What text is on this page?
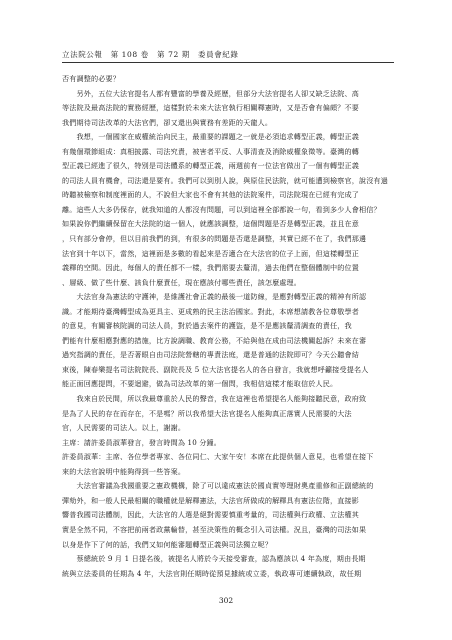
立法院公報　第 108 卷　第 72 期　委員會紀錄
否有調整的必要？
　　另外，五位大法官提名人都有豐富的學養及經歷，但部分大法官提名人卻又缺乏法院、高
等法院及最高法院的實務經歷，這樣對於未來大法官執行相關釋憲時，又是否會有偏頗？不要
我們期待司法改革的大法官們，卻又還出與實務有差距的天龍人。
　　我想，一個國家在威權統治向民主，最重要的課題之一就是必須追求轉型正義，轉型正義
有幾個環節組成：真相披露、司法究責，被害者平反、人事清查及消除威權象徵等。臺灣的轉
型正義已經進了很久，特別是司法體系的轉型正義，兩週前有一位法官做出了一個有轉型正義
的司法人員有機會，司法還是要有。我們可以到別人說，與原住民法院，就可能遭到檢察官，說沒有過
時聽被檢察和制度裡面的人，不說但大家也不會有其他的法院案件，司法院現在已經有完成了
離。這些人大多仍保存，就我知道的人都沒有問題，可以到這裡全部都說一句，看到多少人會相信？
如果說你們繼續保留在大法院的這一個人，就應該調整，這個問題是否是轉型正義，並且在意
，只有部分會停，但以目前我們的到，有很多的問題是否還是調整，其實已經不在了，我們那邊
法官到十年以下，當然，這裡面是多數的看起來是否適合在大法官的位子上面，但這樣轉型正
義釋的空間。因此，每個人的責任都不一樣，我們需要去釐清，過去他們在整個體制中的位置
、層級、做了些什麼、該負什麼責任，現在應該付哪些責任，該怎麼處理。
　　大法官身為憲法的守護神，是維護社會正義的最後一道防線，是應對轉型正義的精神有所認
識。才能期待臺灣轉型成為更具主、更成熟的民主法治國家。對此，本席想請教各位尊敬學者
的意見，有關審核院調的司法人員，對於過去案件的護盜，是不是應該釐清調查的責任，我
們能有什麼相應對應的措施，比方說調職、教育公務，不給與他在成由司法機關起訴？未來在審
過究指調的責任，是否著眼自由司法院營轄的專責法庭，還是普通的法院即可？今天公聽會結
束後，陳春樂提名司法院院長、副院長及 5 位大法官提名人的各自發言，我就想呼籲接受提名人
能正面回應提問，不要迴避，做為司法改革的第一個問，我相信這樣才能取信於人民。
　　我來自於民間，所以我最尊重於人民的聲音，我在這裡也希望提名人能夠接聽民意，政府致
是為了人民的存在而存在，不是嗎？所以我希望大法官提名人能夠真正落實人民需要的大法
官，人民需要的司法人。以上，謝謝。
主席：請許委員淑華發言，發言時間為 10 分鐘。
許委員淑華：主席、各位學者專家、各位同仁、大家午安！本席在此提供個人意見，也希望在接下
來的大法官說明中能夠得到一些答案。
　　大法官審議為我國重要之憲政機構，除了可以違成憲法於國貞實等理財奧產重修和正副總統的
彈劾外，和一般人民最相關的職權就是解釋憲法，大法官所做成的解釋具有憲法位階，直接影
響普我國司法體制，因此，大法官的人選是絕對需要慎重考量的，司法權與行政權、立法權其
實是全然不同，不容把前兩者政黨輪替，甚至決策性的概念引入司法權。況且，臺灣的司法如果
以身是作下了何的話，我們又如何能審題轉型正義與司法獨立呢？
　　蔡總統於 9 月 1 日提名後，被提名人將於今天接受審查，認為應該以 4 年為度，期由長期
統與立法委員的任期為 4 年，大法官則任期時從預見據統或立委，執政專可連續執政，故任期
302
